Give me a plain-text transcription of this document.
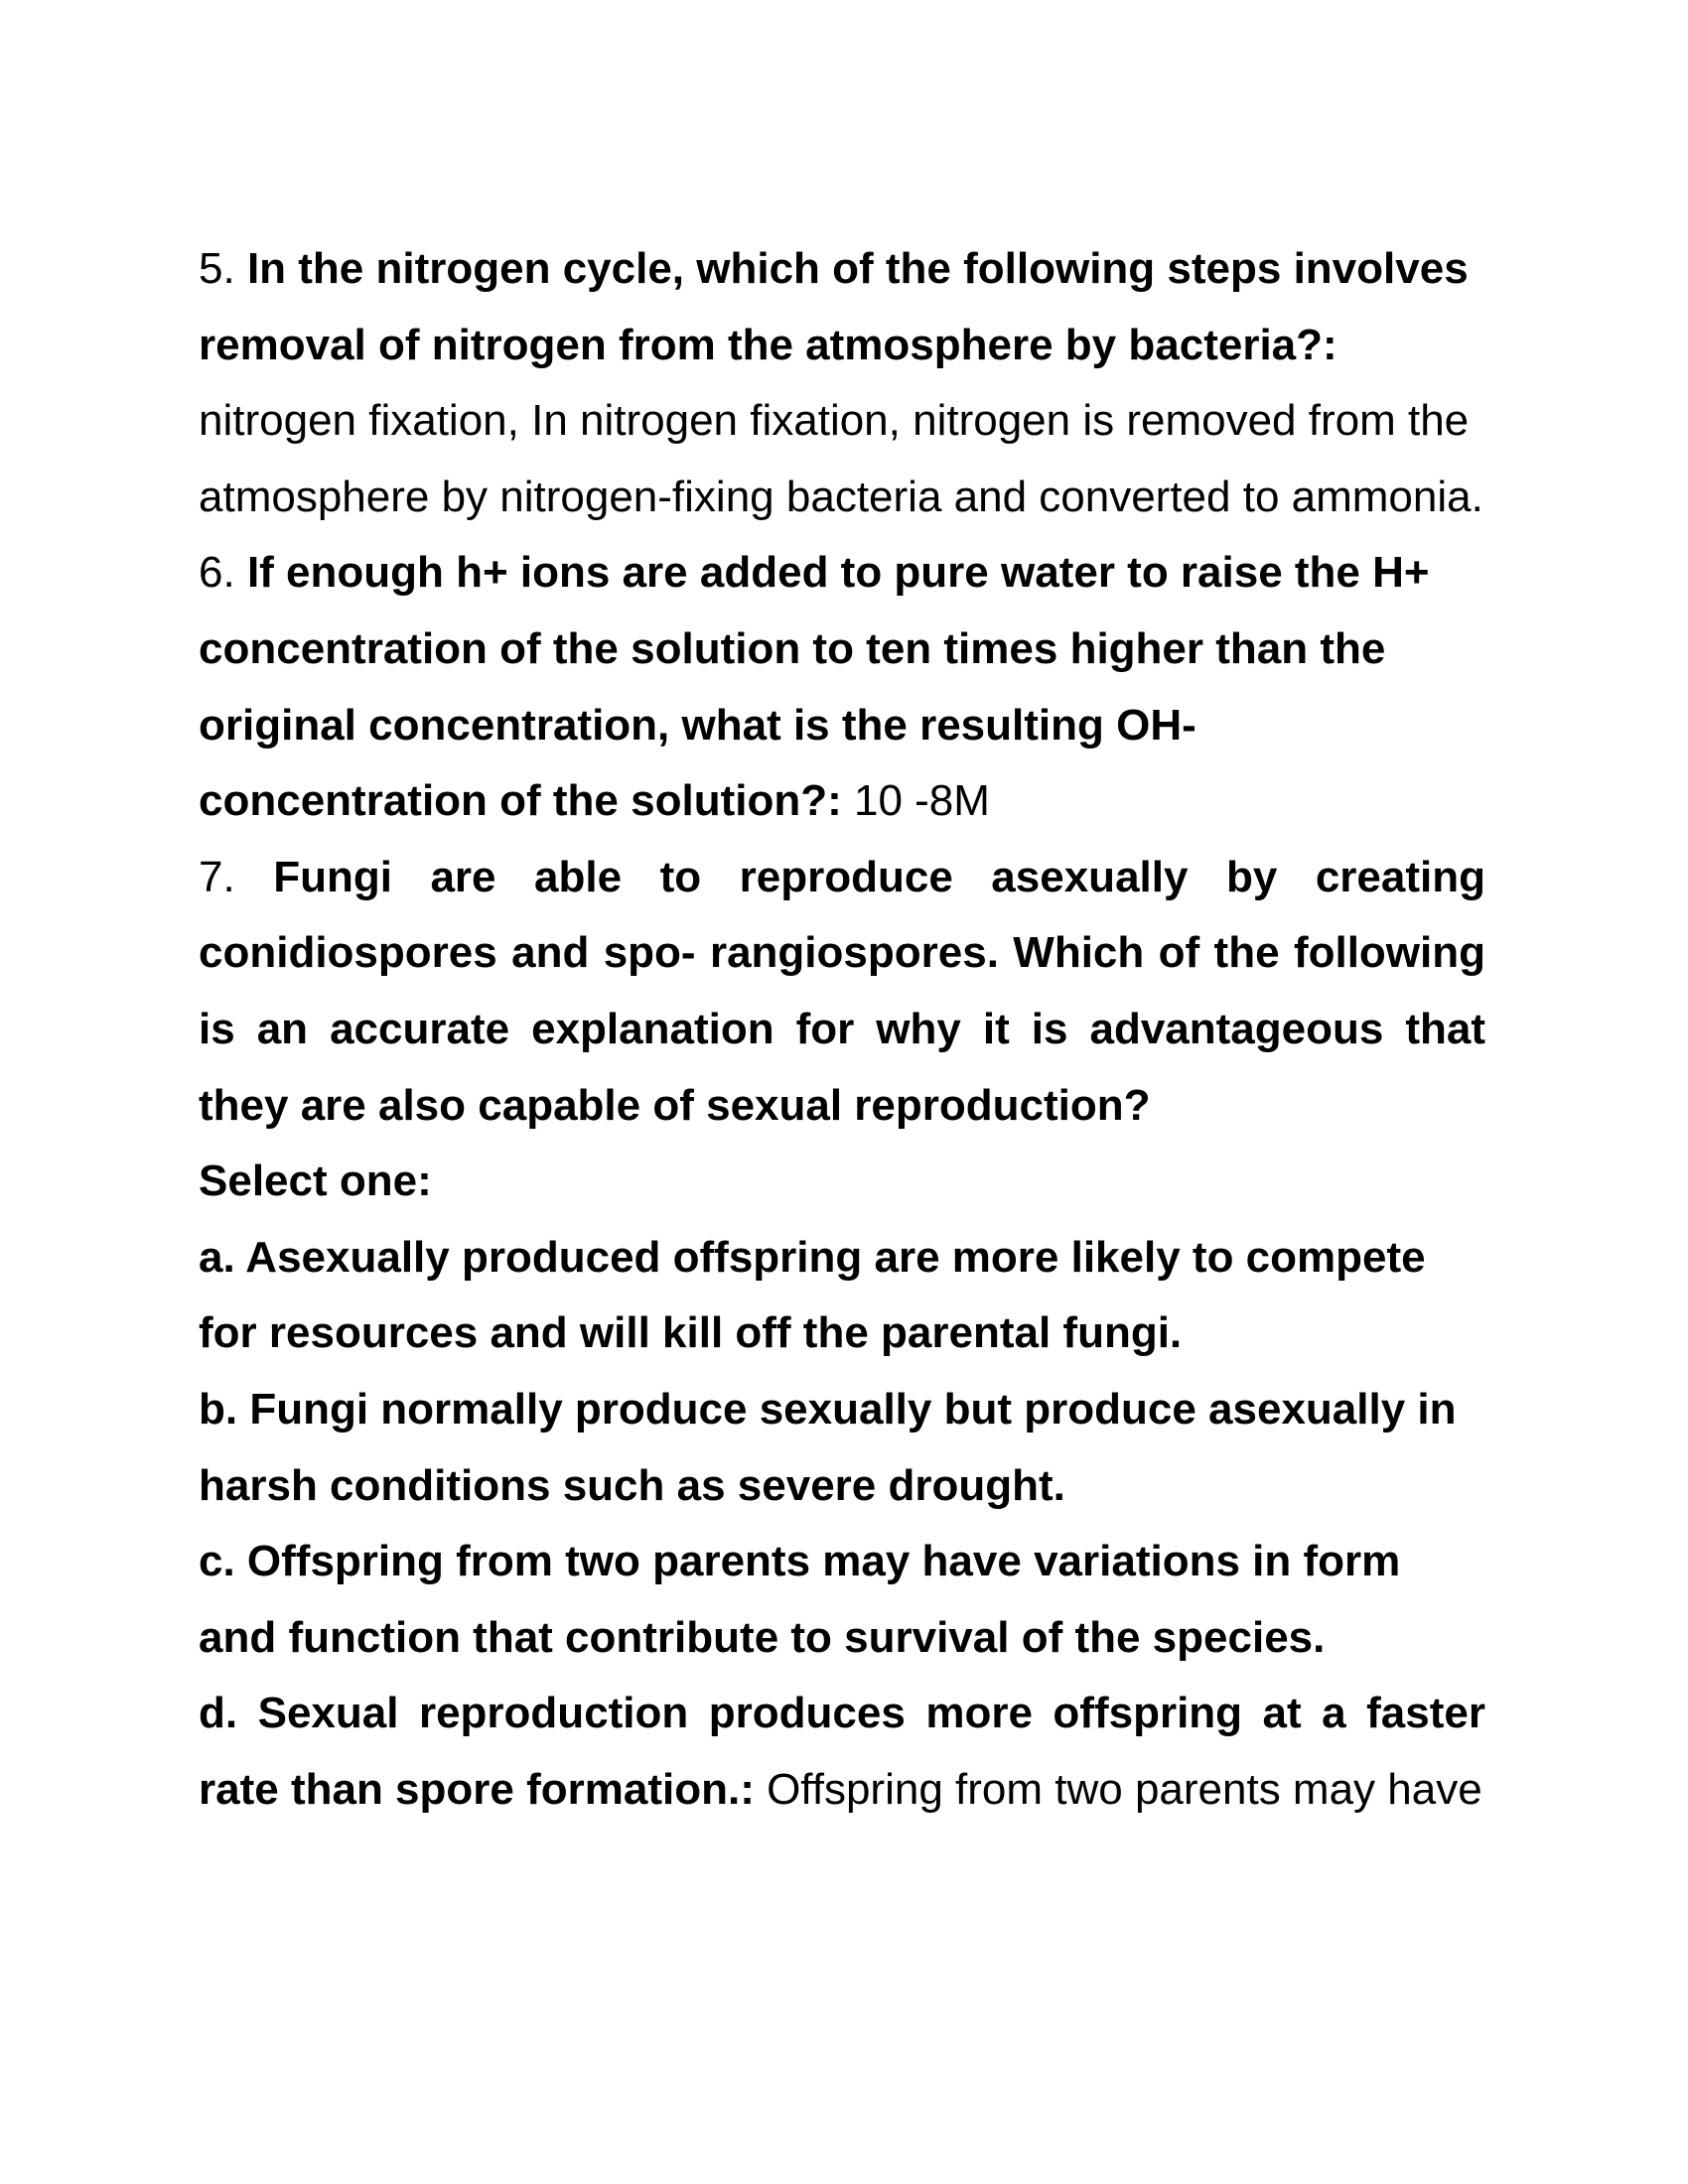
5. In the nitrogen cycle, which of the following steps involves removal of nitrogen from the atmosphere by bacteria?: nitrogen fixation, In nitrogen fixation, nitrogen is removed from the atmosphere by nitrogen-fixing bacteria and converted to ammonia.

6. If enough h+ ions are added to pure water to raise the H+ concentration of the solution to ten times higher than the original concentration, what is the resulting OH- concentration of the solution?: 10 -8M

7. Fungi are able to reproduce asexually by creating conidiospores and spo- rangiospores. Which of the following is an accurate explanation for why it is advantageous that they are also capable of sexual reproduction?

Select one:

a. Asexually produced offspring are more likely to compete for resources and will kill off the parental fungi.

b. Fungi normally produce sexually but produce asexually in harsh conditions such as severe drought.

c. Offspring from two parents may have variations in form and function that contribute to survival of the species.

d. Sexual reproduction produces more offspring at a faster rate than spore formation.: Offspring from two parents may have
